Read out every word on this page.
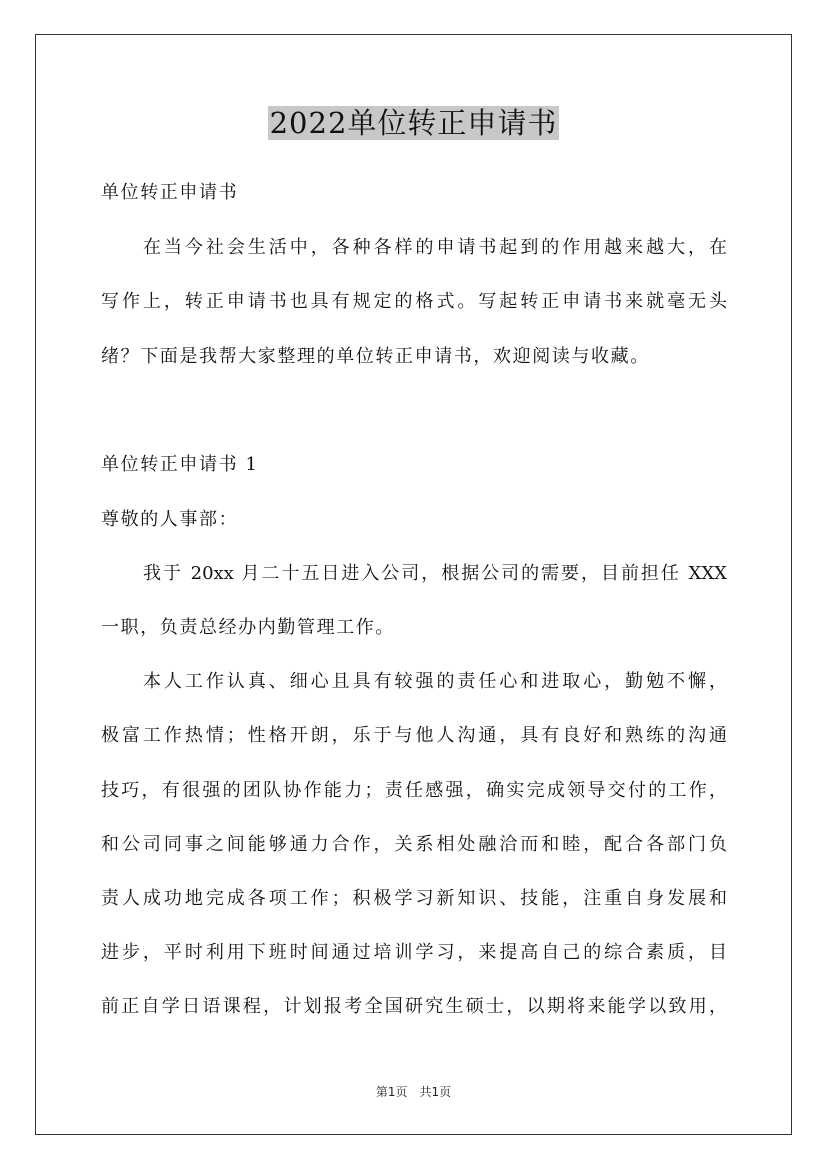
2022单位转正申请书
单位转正申请书
在当今社会生活中，各种各样的申请书起到的作用越来越大，在
写作上，转正申请书也具有规定的格式。写起转正申请书来就毫无头
绪？下面是我帮大家整理的单位转正申请书，欢迎阅读与收藏。
单位转正申请书 1
尊敬的人事部：
我于 20xx 月二十五日进入公司，根据公司的需要，目前担任 XXX
一职，负责总经办内勤管理工作。
本人工作认真、细心且具有较强的责任心和进取心，勤勉不懈，
极富工作热情；性格开朗，乐于与他人沟通，具有良好和熟练的沟通
技巧，有很强的团队协作能力；责任感强，确实完成领导交付的工作，
和公司同事之间能够通力合作，关系相处融洽而和睦，配合各部门负
责人成功地完成各项工作；积极学习新知识、技能，注重自身发展和
进步，平时利用下班时间通过培训学习，来提高自己的综合素质，目
前正自学日语课程，计划报考全国研究生硕士，以期将来能学以致用，
第1页　共1页
